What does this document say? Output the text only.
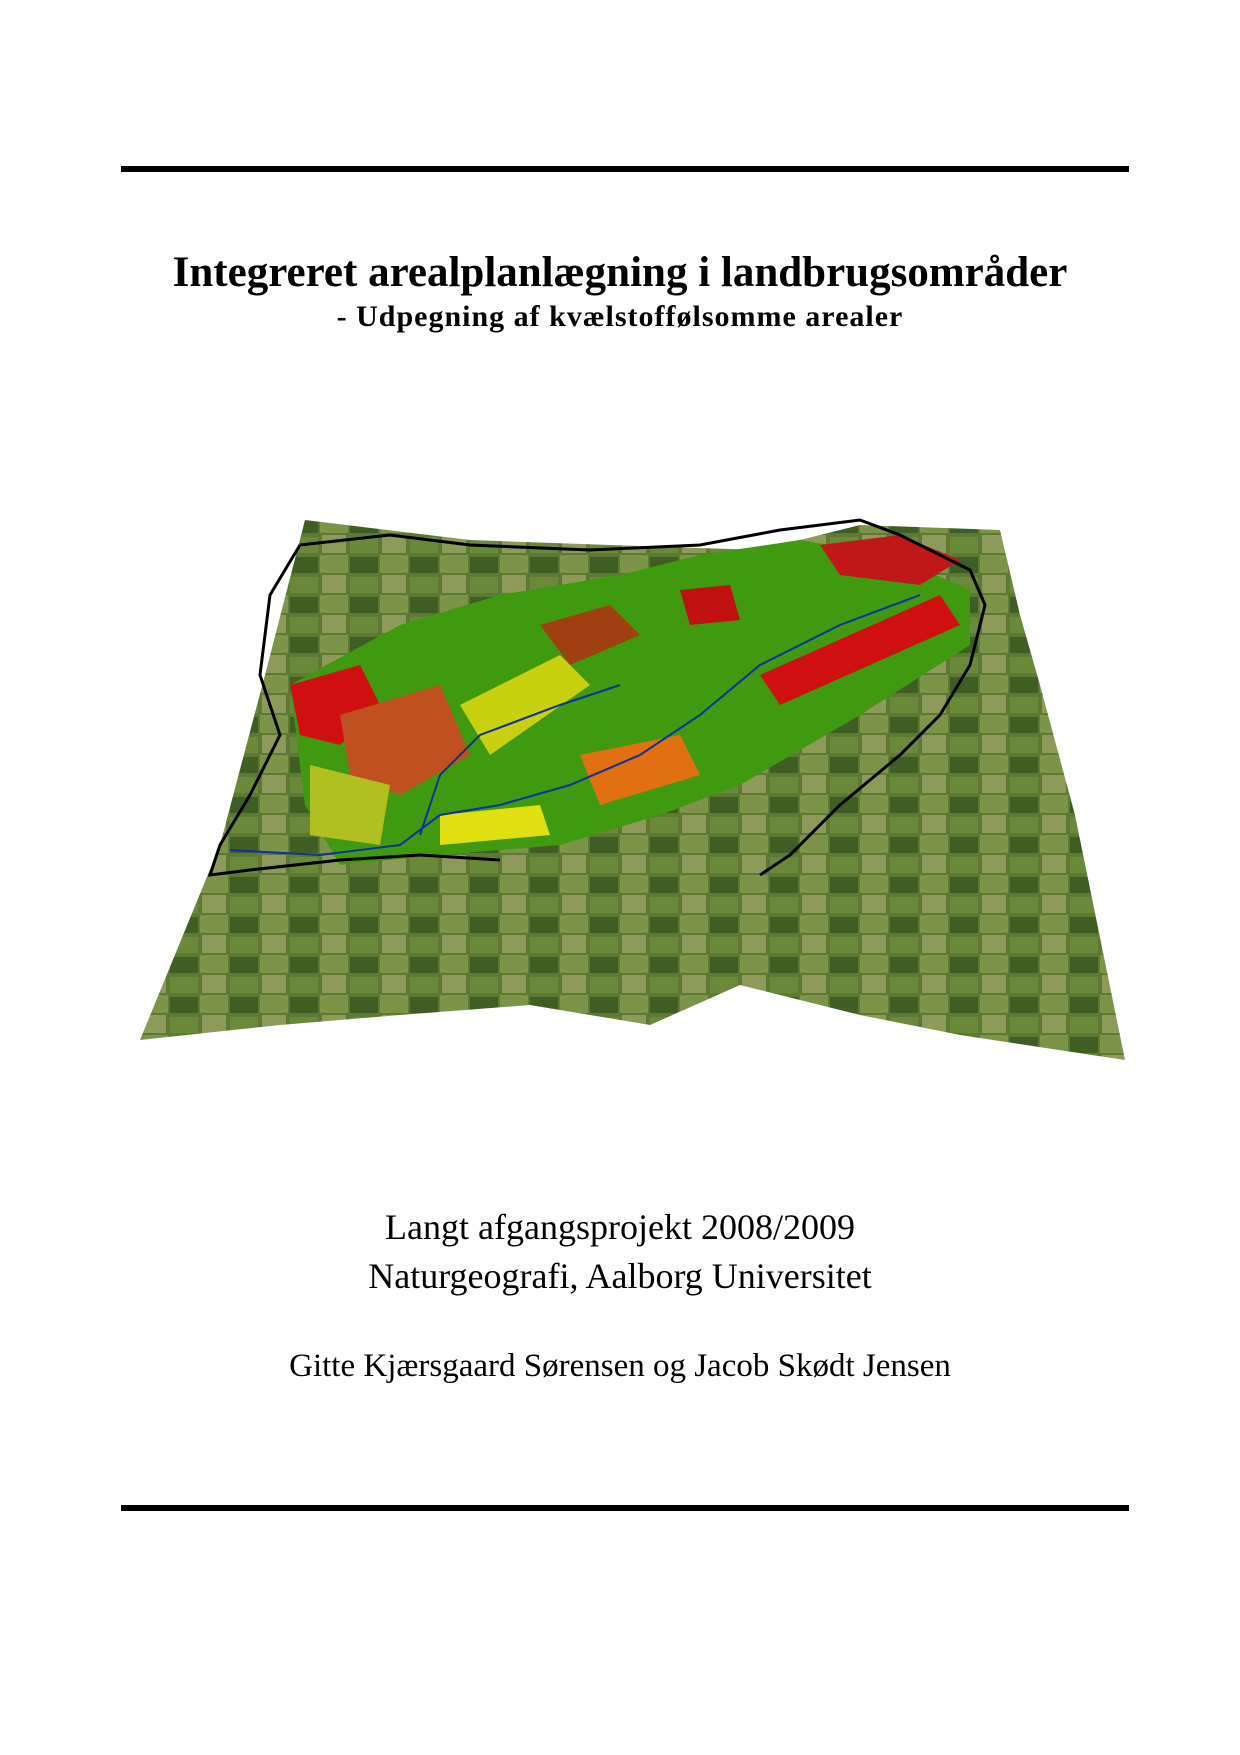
Integreret arealplanlægning i landbrugsområder
- Udpegning af kvælstoffølsomme arealer
Langt afgangsprojekt 2008/2009
Naturgeografi, Aalborg Universitet
Gitte Kjærsgaard Sørensen og Jacob Skødt Jensen
